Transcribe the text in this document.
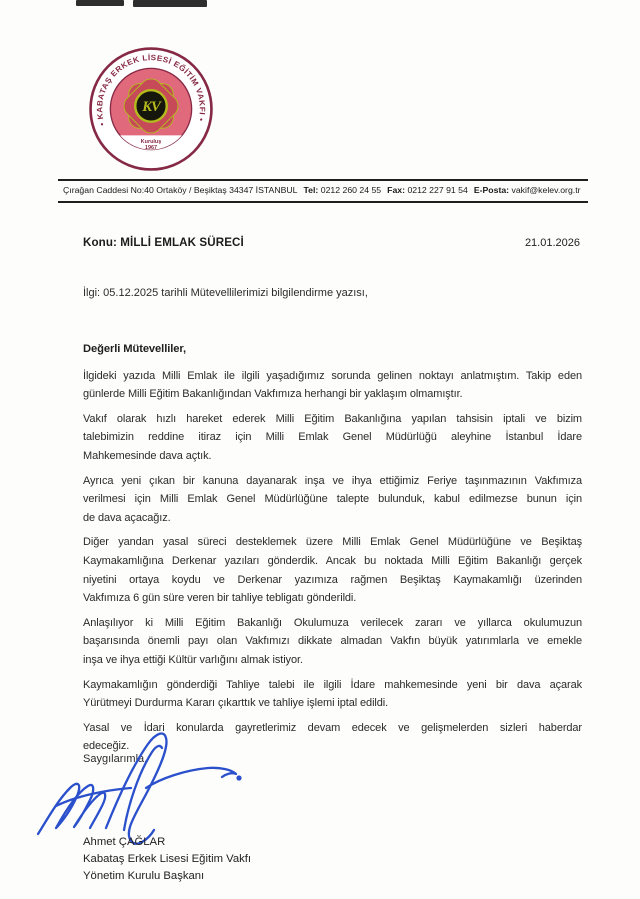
KV
Kuruluş
1967
• KABATAŞ ERKEK LİSESİ EĞİTİM VAKFI •
Çırağan Caddesi No:40 Ortaköy / Beşiktaş 34347 İSTANBUL Tel: 0212 260 24 55 Fax: 0212 227 91 54 E-Posta: vakif@kelev.org.tr
Konu: MİLLİ EMLAK SÜRECİ	21.01.2026
İlgi: 05.12.2025 tarihli Mütevellilerimizi bilgilendirme yazısı,
Değerli Mütevelliler,

İlgideki yazıda Milli Emlak ile ilgili yaşadığımız sorunda gelinen noktayı anlatmıştım. Takip eden
günlerde Milli Eğitim Bakanlığından Vakfımıza herhangi bir yaklaşım olmamıştır.

Vakıf olarak hızlı hareket ederek Milli Eğitim Bakanlığına yapılan tahsisin iptali ve bizim
talebimizin reddine itiraz için Milli Emlak Genel Müdürlüğü aleyhine İstanbul İdare
Mahkemesinde dava açtık.

Ayrıca yeni çıkan bir kanuna dayanarak inşa ve ihya ettiğimiz Feriye taşınmazının Vakfımıza
verilmesi için Milli Emlak Genel Müdürlüğüne talepte bulunduk, kabul edilmezse bunun için
de dava açacağız.

Diğer yandan yasal süreci desteklemek üzere Milli Emlak Genel Müdürlüğüne ve Beşiktaş
Kaymakamlığına Derkenar yazıları gönderdik. Ancak bu noktada Milli Eğitim Bakanlığı gerçek
niyetini ortaya koydu ve Derkenar yazımıza rağmen Beşiktaş Kaymakamlığı üzerinden
Vakfımıza 6 gün süre veren bir tahliye tebligatı gönderildi.

Anlaşılıyor ki Milli Eğitim Bakanlığı Okulumuza verilecek zararı ve yıllarca okulumuzun
başarısında önemli payı olan Vakfımızı dikkate almadan Vakfın büyük yatırımlarla ve emekle
inşa ve ihya ettiği Kültür varlığını almak istiyor.

Kaymakamlığın gönderdiği Tahliye talebi ile ilgili İdare mahkemesinde yeni bir dava açarak
Yürütmeyi Durdurma Kararı çıkarttık ve tahliye işlemi iptal edildi.

Yasal ve İdari konularda gayretlerimiz devam edecek ve gelişmelerden sizleri haberdar
edeceğiz.

Saygılarımla,
Ahmet ÇAĞLAR
Kabataş Erkek Lisesi Eğitim Vakfı
Yönetim Kurulu Başkanı
